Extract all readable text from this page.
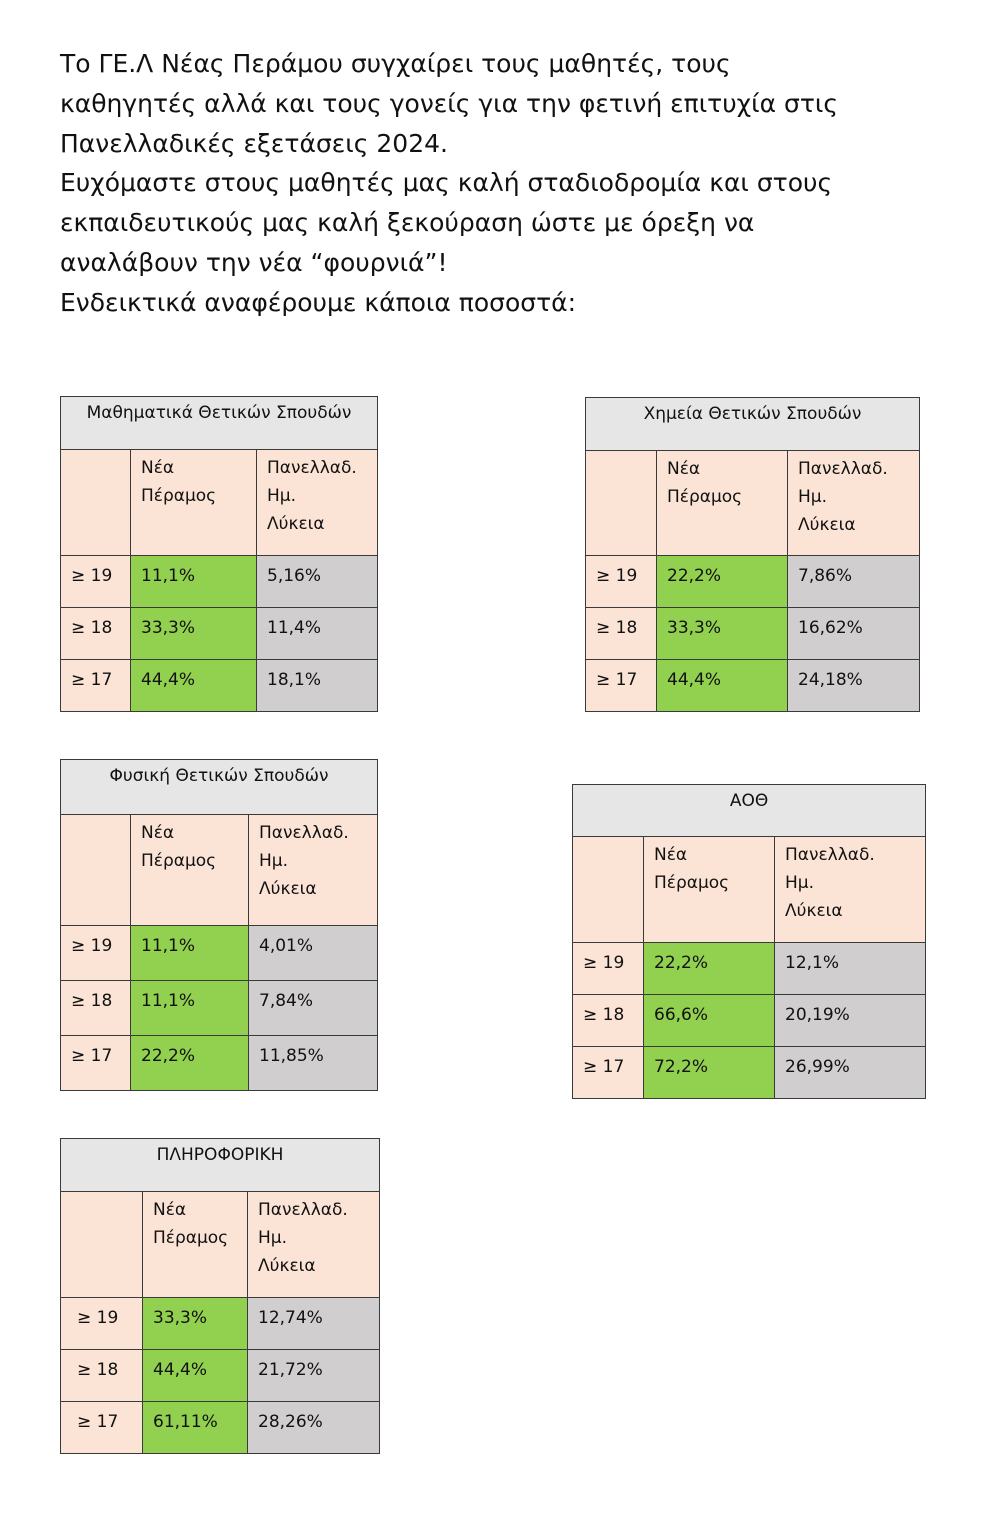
Το ΓΕ.Λ Νέας Περάμου συγχαίρει τους μαθητές, τους
καθηγητές αλλά και τους γονείς για την φετινή επιτυχία στις
Πανελλαδικές εξετάσεις 2024.
Ευχόμαστε στους μαθητές μας καλή σταδιοδρομία και στους
εκπαιδευτικούς μας καλή ξεκούραση ώστε με όρεξη να
αναλάβουν την νέα “φουρνιά”!
Ενδεικτικά αναφέρουμε κάποια ποσοστά:
Μαθηματικά Θετικών Σπουδών		

	Νέα
Πέραμος	Πανελλαδ.
Ημ.
Λύκεια

≥ 19	11,1%	5,16%

≥ 18	33,3%	11,4%

≥ 17	44,4%	18,1%
Χημεία Θετικών Σπουδών		

	Νέα
Πέραμος	Πανελλαδ.
Ημ.
Λύκεια

≥ 19	22,2%	7,86%

≥ 18	33,3%	16,62%

≥ 17	44,4%	24,18%
Φυσική Θετικών Σπουδών		

	Νέα
Πέραμος	Πανελλαδ.
Ημ.
Λύκεια

≥ 19	11,1%	4,01%

≥ 18	11,1%	7,84%

≥ 17	22,2%	11,85%
ΑΟΘ		

	Νέα
Πέραμος	Πανελλαδ.
Ημ.
Λύκεια

≥ 19	22,2%	12,1%

≥ 18	66,6%	20,19%

≥ 17	72,2%	26,99%
ΠΛΗΡΟΦΟΡΙΚΗ		

	Νέα
Πέραμος	Πανελλαδ.
Ημ.
Λύκεια

≥ 19	33,3%	12,74%

≥ 18	44,4%	21,72%

≥ 17	61,11%	28,26%
